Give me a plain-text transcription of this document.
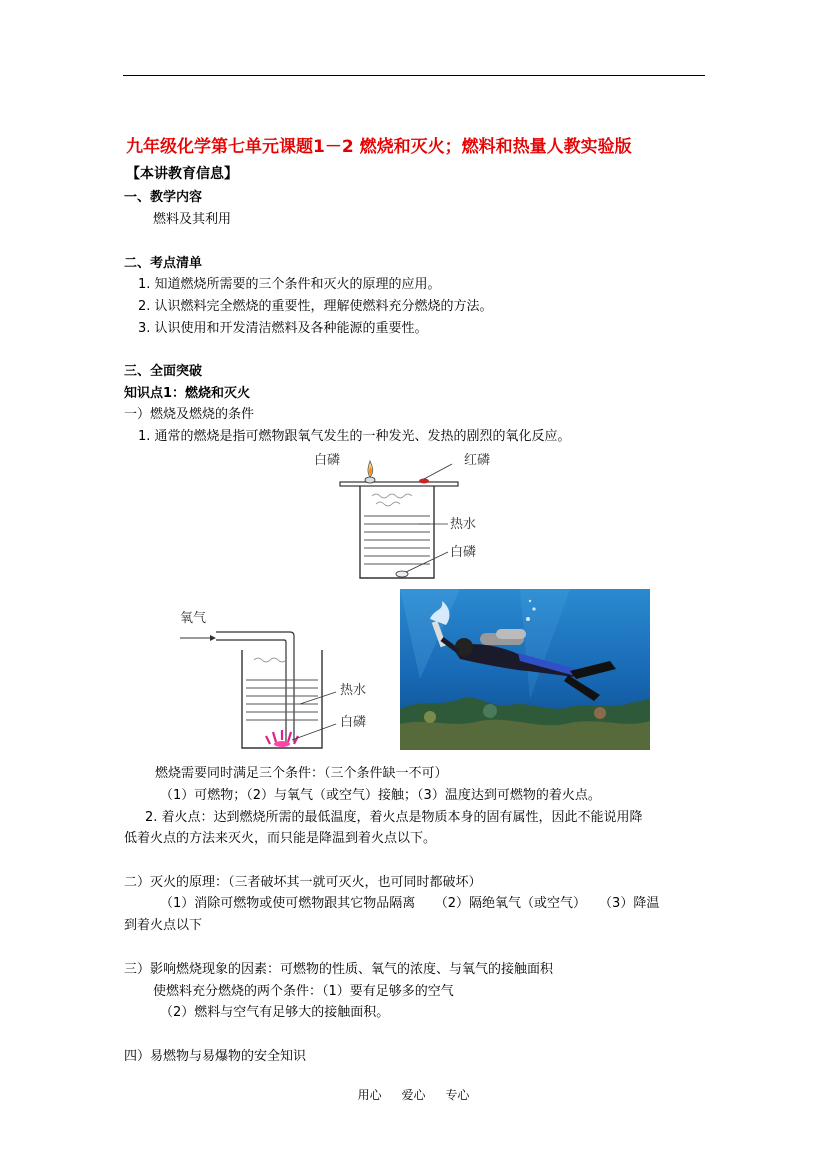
九年级化学第七单元课题1－2 燃烧和灭火；燃料和热量人教实验版
【本讲教育信息】
一、教学内容
燃料及其利用
二、考点清单
1. 知道燃烧所需要的三个条件和灭火的原理的应用。
2. 认识燃料完全燃烧的重要性，理解使燃料充分燃烧的方法。
3. 认识使用和开发清洁燃料及各种能源的重要性。
三、全面突破
知识点1：燃烧和灭火
一）燃烧及燃烧的条件
1. 通常的燃烧是指可燃物跟氧气发生的一种发光、发热的剧烈的氧化反应。
白磷	红磷
热水
白磷
氧气
热水
白磷
燃烧需要同时满足三个条件：（三个条件缺一不可）
（1）可燃物；（2）与氧气（或空气）接触；（3）温度达到可燃物的着火点。
2. 着火点：达到燃烧所需的最低温度，着火点是物质本身的固有属性，因此不能说用降
低着火点的方法来灭火，而只能是降温到着火点以下。
二）灭火的原理：（三者破坏其一就可灭火，也可同时都破坏）
（1）消除可燃物或使可燃物跟其它物品隔离　　（2）隔绝氧气（或空气）　　（3）降温
到着火点以下
三）影响燃烧现象的因素：可燃物的性质、氧气的浓度、与氧气的接触面积
使燃料充分燃烧的两个条件：（1）要有足够多的空气
（2）燃料与空气有足够大的接触面积。
四）易燃物与易爆物的安全知识
用心 爱心 专心
